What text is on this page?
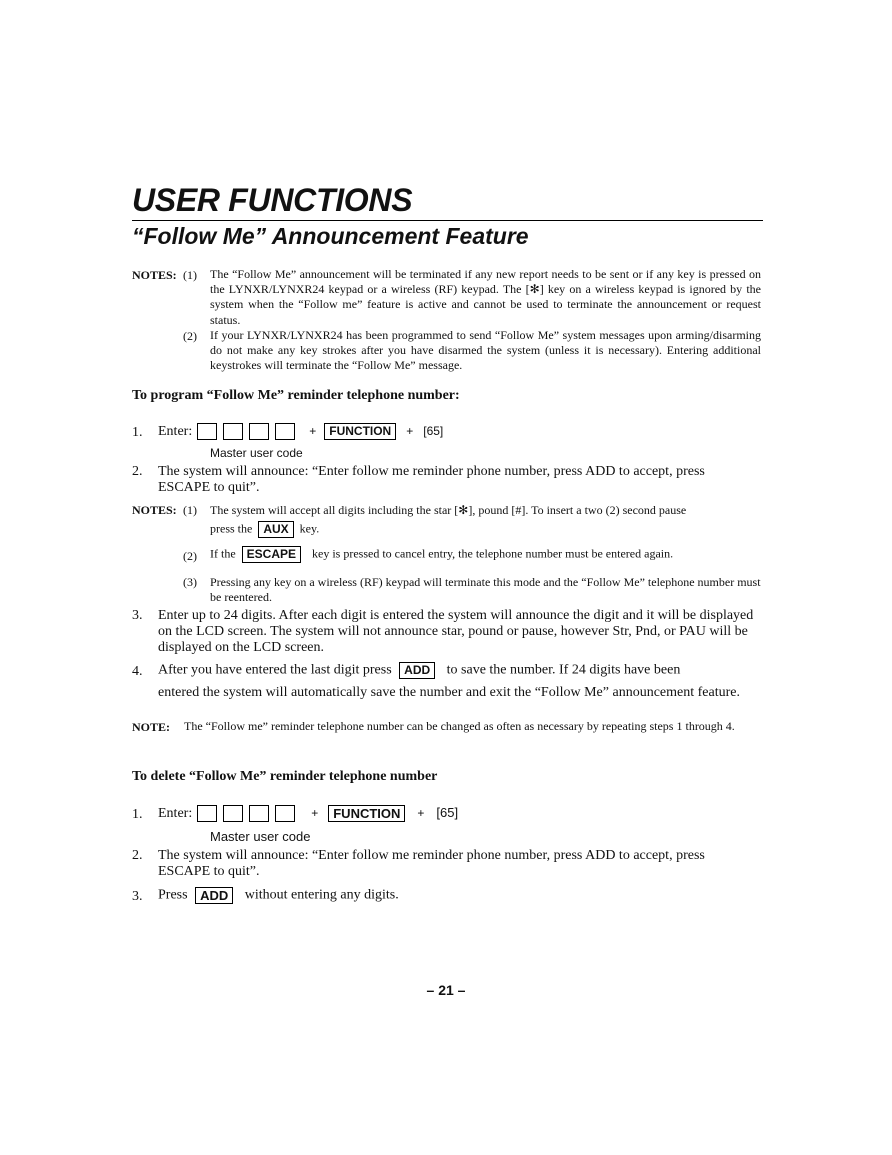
USER FUNCTIONS
“Follow Me” Announcement Feature
NOTES: (1) The “Follow Me” announcement will be terminated if any new report needs to be sent or if any key is pressed on the LYNXR/LYNXR24 keypad or a wireless (RF) keypad. The [✻] key on a wireless keypad is ignored by the system when the “Follow me” feature is active and cannot be used to terminate the announcement or request status.
(2) If your LYNXR/LYNXR24 has been programmed to send “Follow Me” system messages upon arming/disarming do not make any key strokes after you have disarmed the system (unless it is necessary). Entering additional keystrokes will terminate the “Follow Me” message.
To program “Follow Me” reminder telephone number:
1. Enter:	+ FUNCTION + [65]
Master user code
2. The system will announce: “Enter follow me reminder phone number, press ADD to accept, press ESCAPE to quit”.
NOTES: (1) The system will accept all digits including the star [✻], pound [#]. To insert a two (2) second pause
press the AUX key.
(2) If the ESCAPE key is pressed to cancel entry, the telephone number must be entered again.
(3) Pressing any key on a wireless (RF) keypad will terminate this mode and the “Follow Me” telephone number must be reentered.
3. Enter up to 24 digits. After each digit is entered the system will announce the digit and it will be displayed on the LCD screen. The system will not announce star, pound or pause, however Str, Pnd, or PAU will be displayed on the LCD screen.
4. After you have entered the last digit press ADD to save the number. If 24 digits have been
entered the system will automatically save the number and exit the “Follow Me” announcement feature.
NOTE: The “Follow me” reminder telephone number can be changed as often as necessary by repeating steps 1 through 4.
To delete “Follow Me” reminder telephone number
1. Enter:	+ FUNCTION + [65]
Master user code
2. The system will announce: “Enter follow me reminder phone number, press ADD to accept, press ESCAPE to quit”.
3. Press ADD without entering any digits.
– 21 –
